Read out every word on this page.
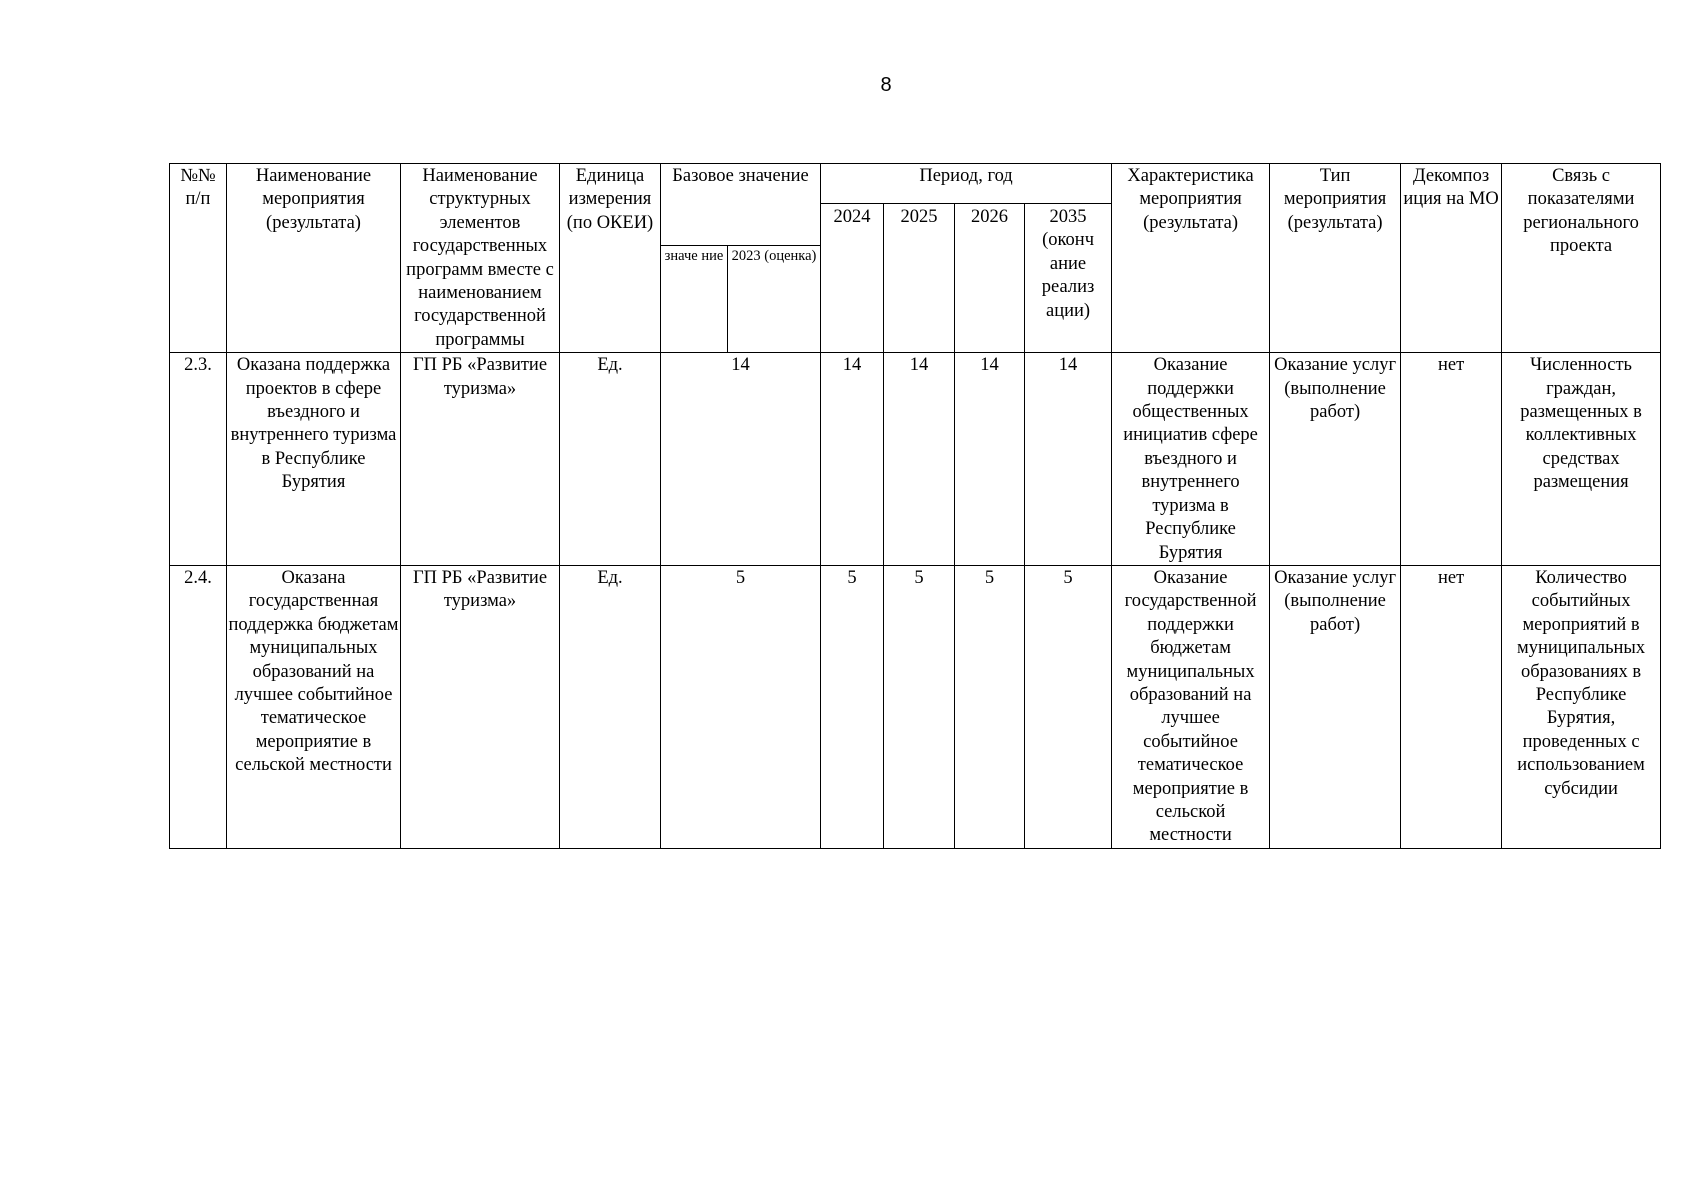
8
№№ п/п	Наименование мероприятия (результата)	Наименование структурных элементов государственных программ вместе с наименованием государственной программы	Единица измерения (по ОКЕИ)	Базовое значение		Период, год				Характеристика мероприятия (результата)	Тип мероприятия (результата)	Декомпоз иция на МО	Связь с показателями регионального проекта
						2024	2025	2026	2035 (оконч ание реализ ации)				
				значе ние	2023 (оценка)								
2.3.	Оказана поддержка проектов в сфере въездного и внутреннего туризма в Республике Бурятия	ГП РБ «Развитие туризма»	Ед.	14		14	14	14	14	Оказание поддержки общественных инициатив сфере въездного и внутреннего туризма в Республике Бурятия	Оказание услуг (выполнение работ)	нет	Численность граждан, размещенных в коллективных средствах размещения
2.4.	Оказана государственная поддержка бюджетам муниципальных образований на лучшее событийное тематическое мероприятие в сельской местности	ГП РБ «Развитие туризма»	Ед.	5		5	5	5	5	Оказание государственной поддержки бюджетам муниципальных образований на лучшее событийное тематическое мероприятие в сельской местности	Оказание услуг (выполнение работ)	нет	Количество событийных мероприятий в муниципальных образованиях в Республике Бурятия, проведенных с использованием субсидии
